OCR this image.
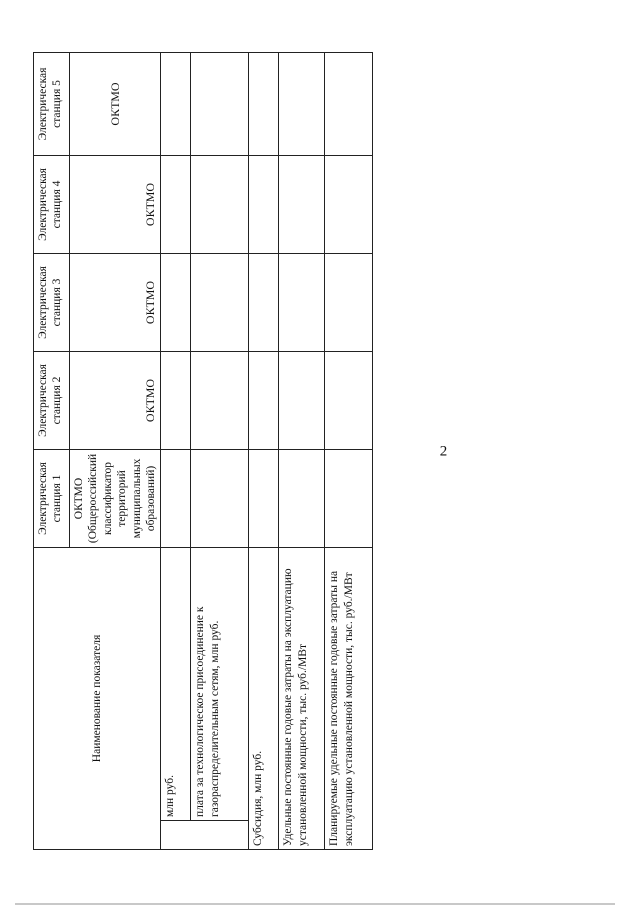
2
Наименование показателя		Электрическая станция 1	Электрическая станция 2	Электрическая станция 3	Электрическая станция 4	Электрическая станция 5
		ОКТМО (Общероссийский классификатор территорий муниципальных образований)	ОКТМО	ОКТМО	ОКТМО	ОКТМО
	млн руб.					
	плата за технологическое присоединение к газораспределительным сетям, млн руб.					
Субсидия, млн руб.						
Удельные постоянные годовые затраты на эксплуатацию установленной мощности, тыс. руб./МВт						
Планируемые удельные постоянные годовые затраты на эксплуатацию установленной мощности, тыс. руб./МВт						
